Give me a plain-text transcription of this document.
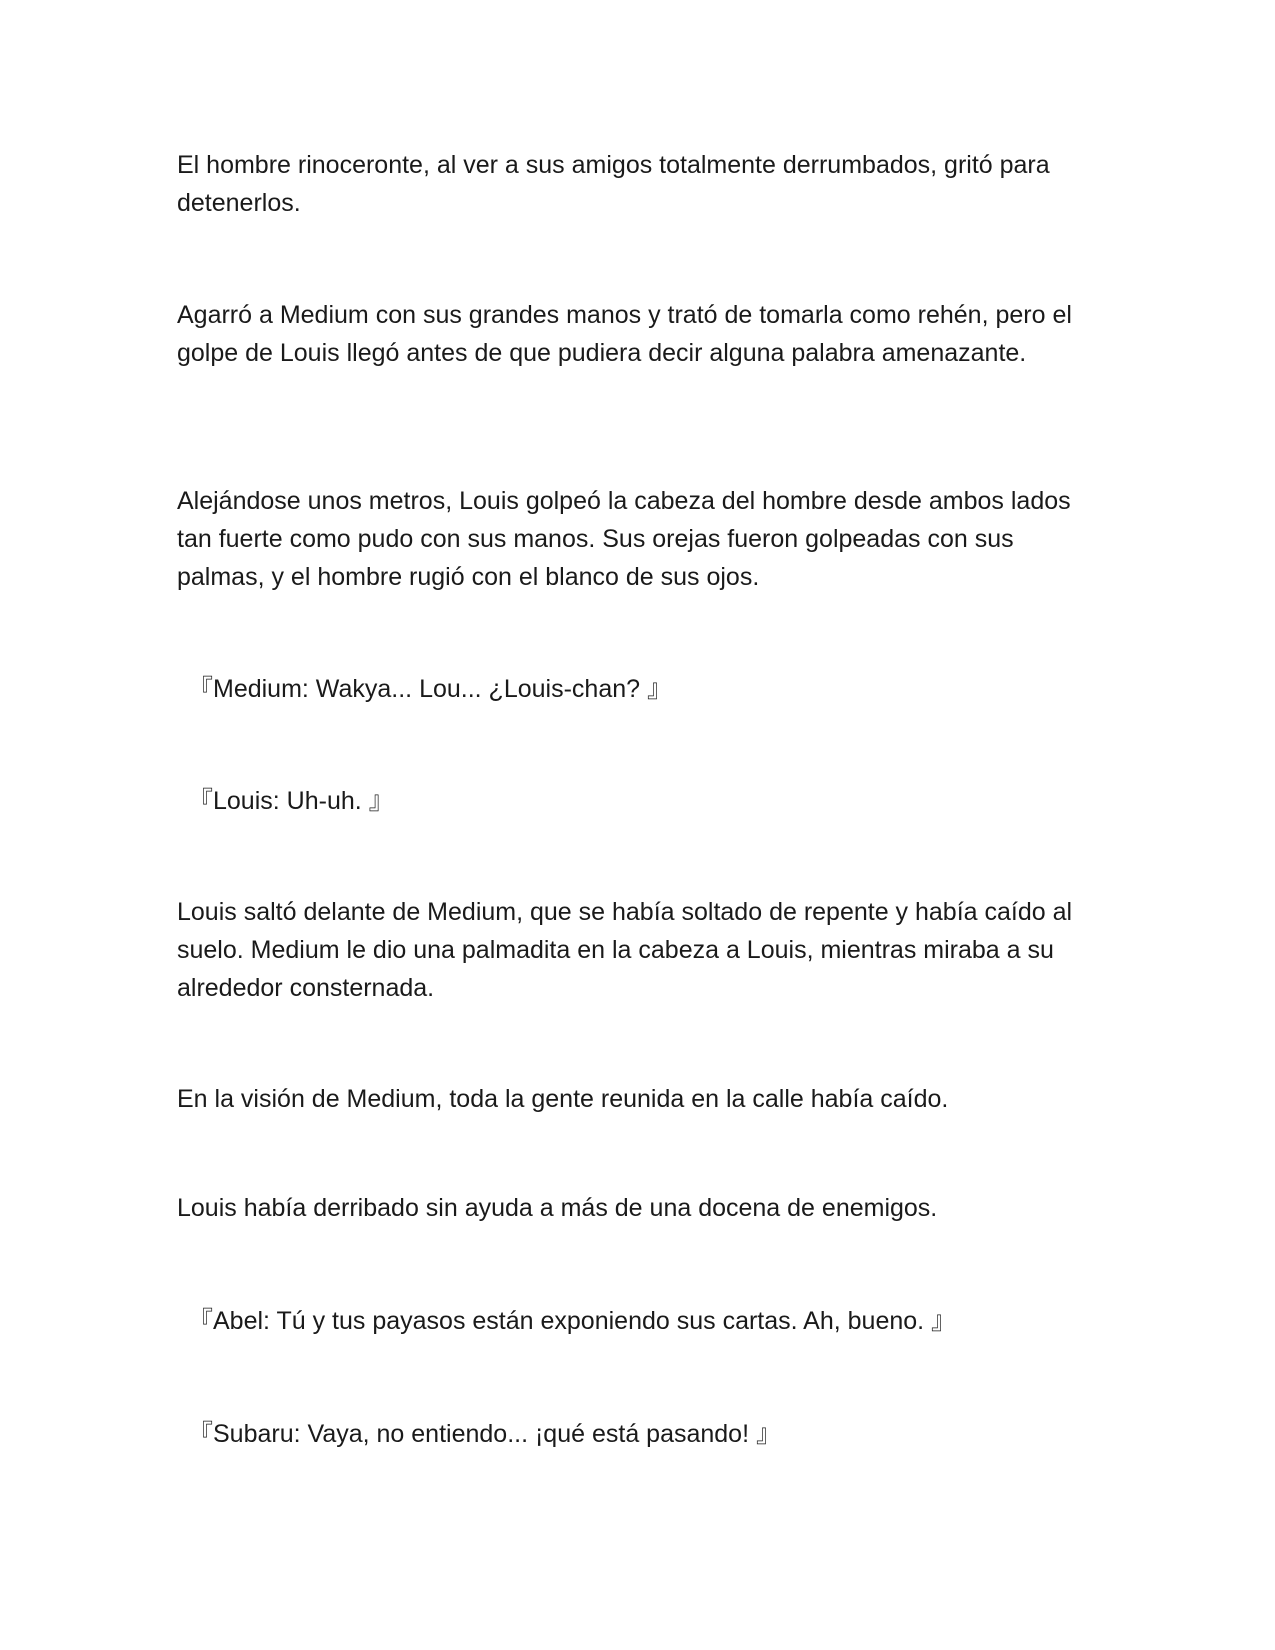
El hombre rinoceronte, al ver a sus amigos totalmente derrumbados, gritó para detenerlos.

Agarró a Medium con sus grandes manos y trató de tomarla como rehén, pero el golpe de Louis llegó antes de que pudiera decir alguna palabra amenazante.

Alejándose unos metros, Louis golpeó la cabeza del hombre desde ambos lados tan fuerte como pudo con sus manos. Sus orejas fueron golpeadas con sus palmas, y el hombre rugió con el blanco de sus ojos.

『Medium: Wakya... Lou... ¿Louis-chan? 』

『Louis: Uh-uh. 』

Louis saltó delante de Medium, que se había soltado de repente y había caído al suelo. Medium le dio una palmadita en la cabeza a Louis, mientras miraba a su alrededor consternada.

En la visión de Medium, toda la gente reunida en la calle había caído.

Louis había derribado sin ayuda a más de una docena de enemigos.

『Abel: Tú y tus payasos están exponiendo sus cartas. Ah, bueno. 』

『Subaru: Vaya, no entiendo... ¡qué está pasando! 』
